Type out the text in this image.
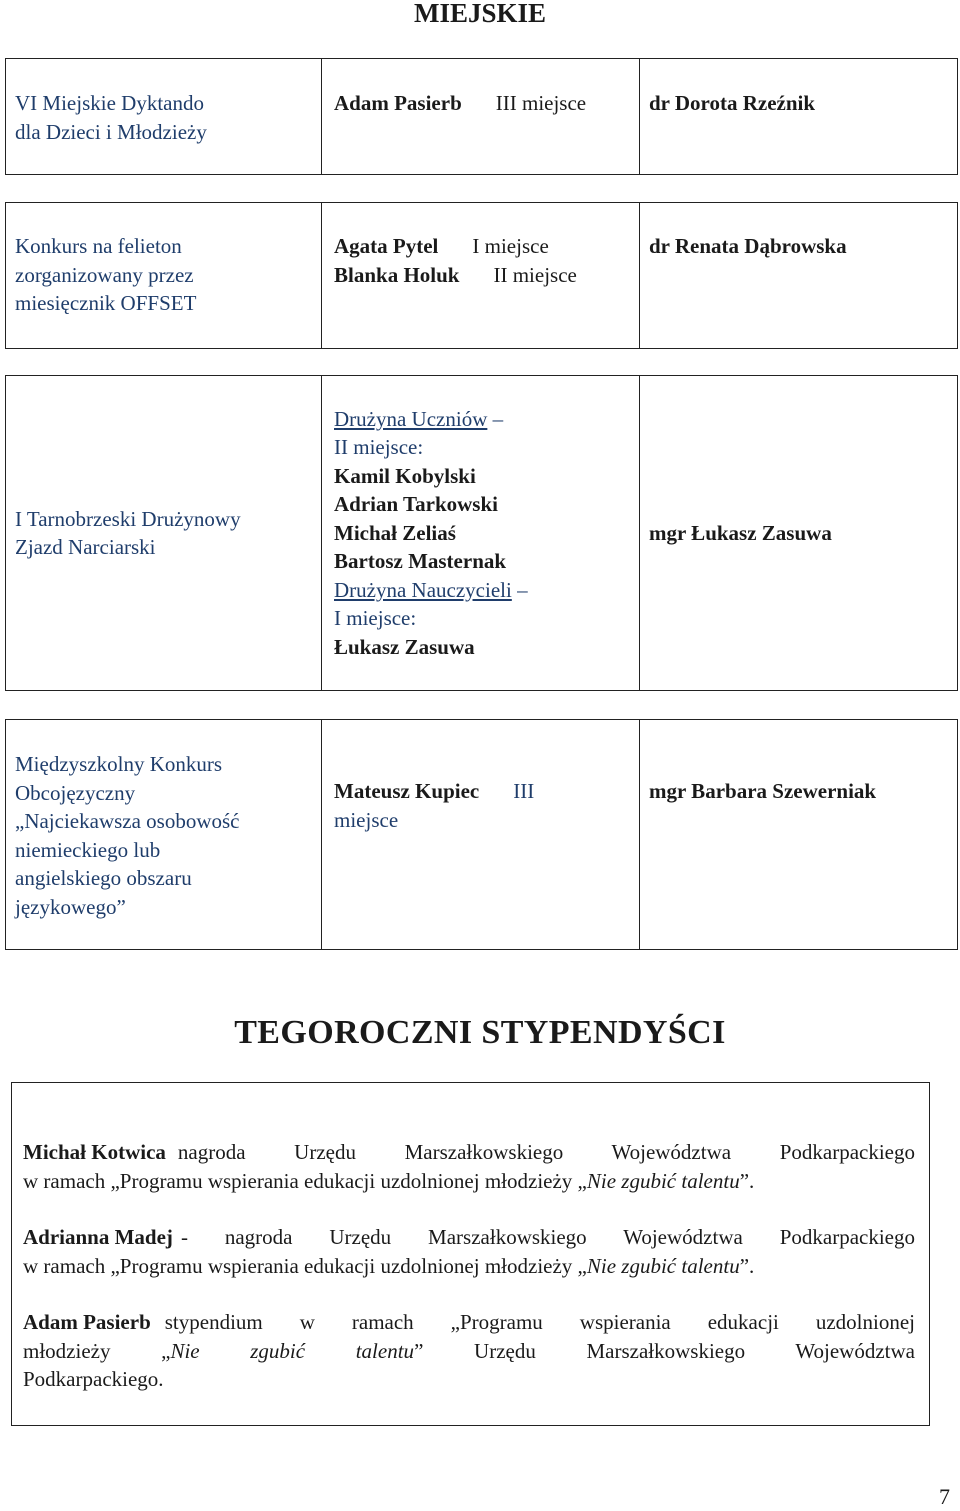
MIEJSKIE
VI Miejskie Dyktando
dla Dzieci i Młodzieży
Adam Pasierb III miejsce	dr Dorota Rzeźnik
Konkurs na felieton
zorganizowany przez
miesięcznik OFFSET
Agata Pytel I miejsce
Blanka Holuk II miejsce
dr Renata Dąbrowska
I Tarnobrzeski Drużynowy
Zjazd Narciarski
Drużyna Uczniów –
II miejsce:
Kamil Kobylski
Adrian Tarkowski
Michał Zeliaś
Bartosz Masternak
Drużyna Nauczycieli –
I miejsce:
Łukasz Zasuwa
mgr Łukasz Zasuwa
Międzyszkolny Konkurs
Obcojęzyczny
„Najciekawsza osobowość
niemieckiego lub
angielskiego obszaru
językowego”
Mateusz Kupiec III
miejsce
mgr Barbara Szewerniak
TEGOROCZNI STYPENDYŚCI
Michał Kotwica nagroda Urzędu Marszałkowskiego Województwa Podkarpackiego
w ramach „Programu wspierania edukacji uzdolnionej młodzieży „Nie zgubić talentu”.
Adrianna Madej - nagroda Urzędu Marszałkowskiego Województwa Podkarpackiego
w ramach „Programu wspierania edukacji uzdolnionej młodzieży „Nie zgubić talentu”.
Adam Pasierb stypendium w ramach „Programu wspierania edukacji uzdolnionej
młodzieży „Nie zgubić talentu” Urzędu Marszałkowskiego Województwa
Podkarpackiego.
7
